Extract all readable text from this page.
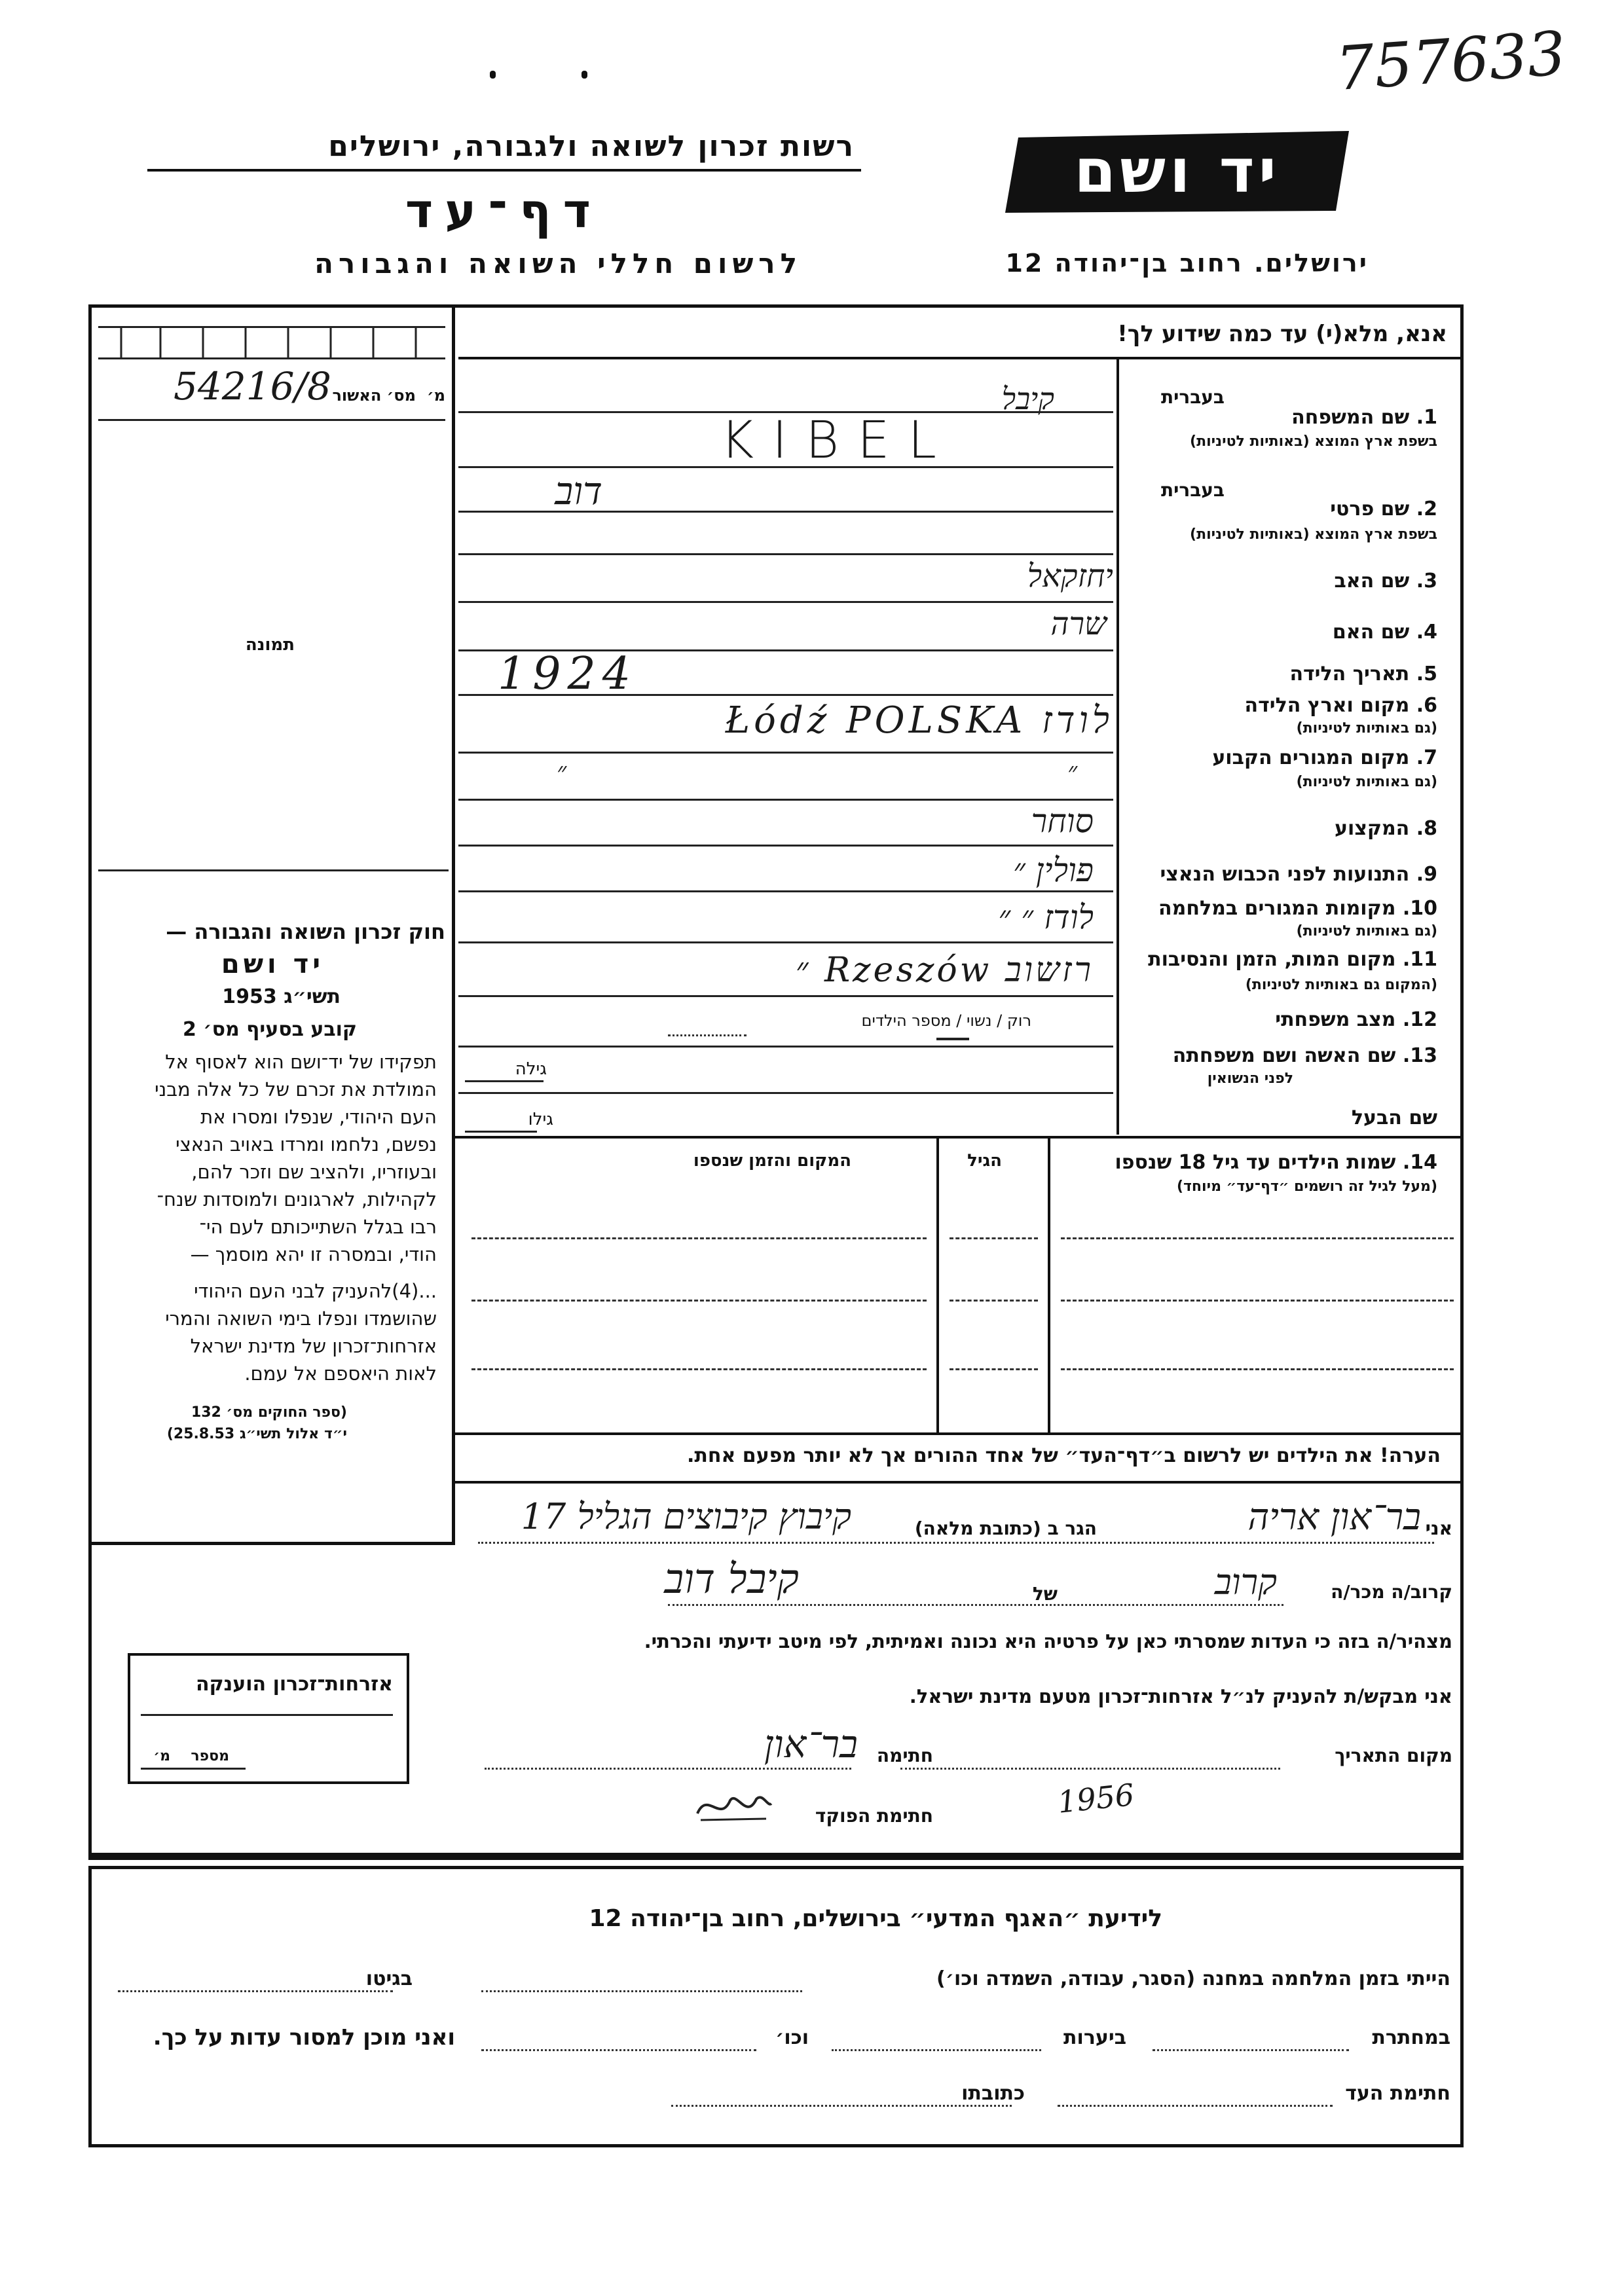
757633
רשות זכרון לשואה ולגבורה, ירושלים
דף־עד
לרשום חללי השואה והגבורה
יד ושם
ירושלים. רחוב בן־יהודה 12
54216/8 מס׳ האשור מ׳
תמונה
חוק זכרון השואה והגבורה —
יד ושם
תשי״ג 1953
קובע בסעיף מס׳ 2
תפקידו של יד־ושם הוא לאסוף אל
המולדת את זכרם של כל אלה מבני
העם היהודי, שנפלו ומסרו את
נפשם, נלחמו ומרדו באויב הנאצי
ובעוזריו, ולהציב שם וזכר להם,
לקהילות, לארגונים ולמוסדות שנח־
רבו בגלל השתייכותם לעם הי־
הודי, ובמסרה זו יהא מוסמך —
...(4)להעניק לבני העם היהודי
שהושמדו ונפלו בימי השואה והמרי
אזרחות־זכרון של מדינת ישראל
לאות היאספם אל עמם.
(ספר החוקים מס׳ 132
י״ד אלול תשי״ג 25.8.53)
אזרחות־זכרון הוענקה
מספר
מ׳
אנא, מלא(י) עד כמה שידוע לך!
בעברית
1. שם המשפחה
בשפת ארץ המוצא (באותיות לטיניות)
קיבל
KIBEL
בעברית
2. שם פרטי
בשפת ארץ המוצא (באותיות לטיניות)
דוב
3. שם האב
יחזקאל
4. שם האם
שרה
5. תאריך הלידה
1924
6. מקום וארץ הלידה
(גם באותיות לטיניות)
לודז Łódź POLSKA
7. מקום המגורים הקבוע
(גם באותיות לטיניות)
״	״
8. המקצוע
סוחר
9. התנועות לפני הכבוש הנאצי
פולין ״
10. מקומות המגורים במלחמה
(גם באותיות לטיניות)
לודז ״ ״
11. מקום המות, הזמן והנסיבות
(המקום גם באותיות לטיניות)
רזשוב Rzeszów ״
12. מצב משפחתי
רוק / נשוי / מספר הילדים
13. שם האשה ושם משפחתה
לפני הנשואין
גילה
שם הבעל
גילו
14. שמות הילדים עד גיל 18 שנספו
(מעל לגיל זה רושמים ״דף־עד״ מיוחד)
הגיל
המקום והזמן שנספו
הערה! את הילדים יש לרשום ב״דף־העד״ של אחד ההורים אך לא יותר מפעם אחת.
אני
בר־און אריה
הגר ב (כתובת מלאה)
קיבוץ קיבוצים הגליל 17
קרוב/ה מכר/ה
קרוב
של
קיבל דוב
מצהיר/ה בזה כי העדות שמסרתי כאן על פרטיה היא נכונה ואמיתית, לפי מיטב ידיעתי והכרתי.
אני מבקש/ת להעניק לנ״ל אזרחות־זכרון מטעם מדינת ישראל.
מקום התאריך
1956
חתימה
בר־און
חתימת הפוקד
לידיעת ״האגף המדעי״ בירושלים, רחוב בן־יהודה 12
הייתי בזמן המלחמה במחנה (הסגר, עבודה, השמדה וכו׳)
בגיטו
במחתרת
ביערות
וכו׳
ואני מוכן למסור עדות על כך.
חתימת העד
כתובתו
